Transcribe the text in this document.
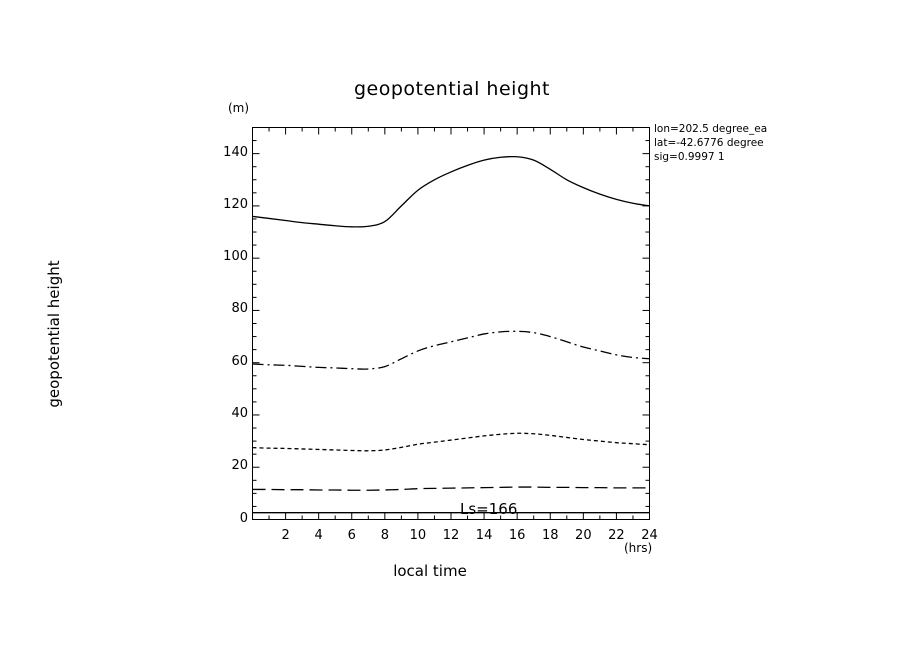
geopotential height
(m)
geopotential height
local time
(hrs)
lon=202.5 degree_ea
lat=-42.6776 degree
sig=0.9997 1
0
20
40
60
80
100
120
140
2	4	6	8	10	12	14	16	18	20	22	24
Ls=166
